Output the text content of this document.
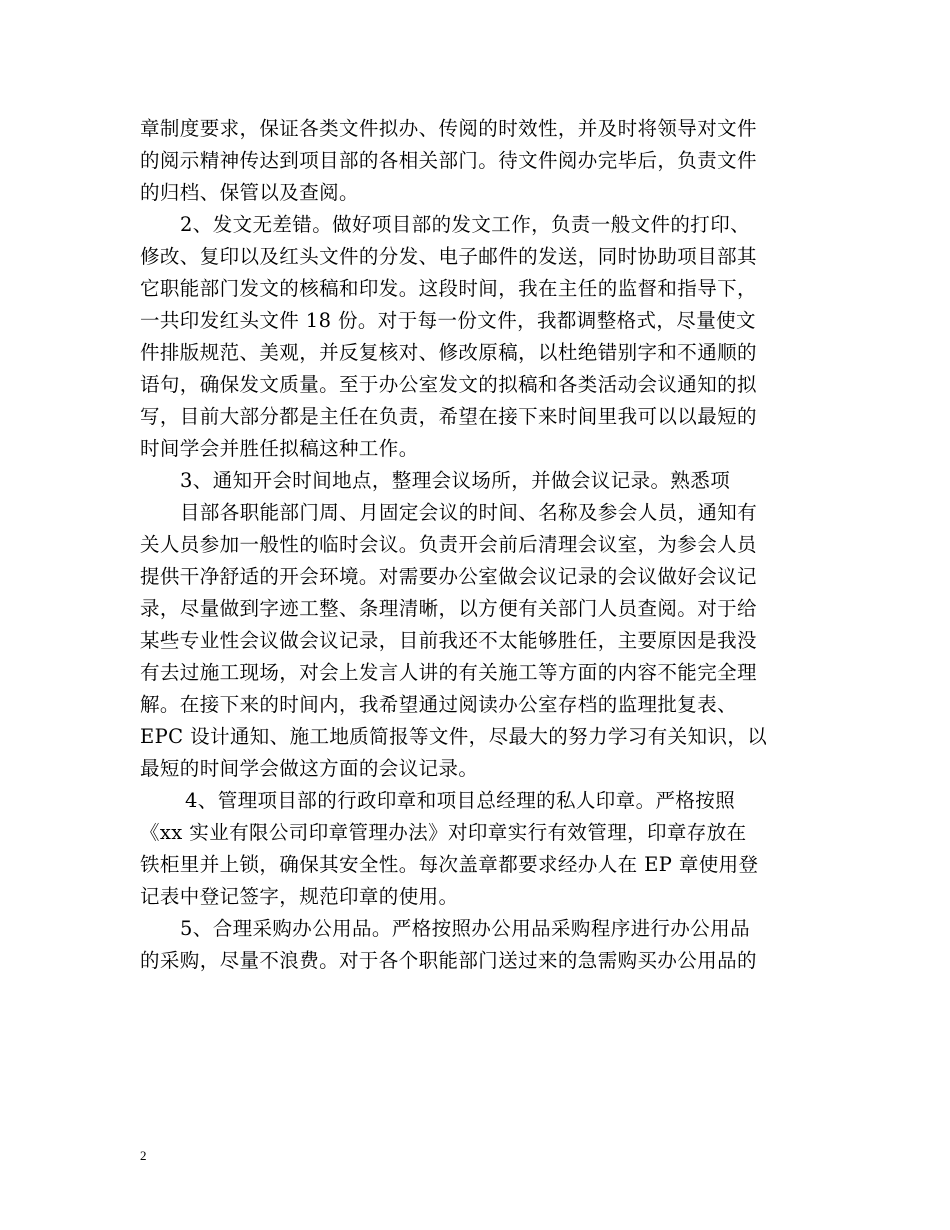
章制度要求，保证各类文件拟办、传阅的时效性，并及时将领导对文件
的阅示精神传达到项目部的各相关部门。待文件阅办完毕后，负责文件
的归档、保管以及查阅。
2、发文无差错。做好项目部的发文工作，负责一般文件的打印、
修改、复印以及红头文件的分发、电子邮件的发送，同时协助项目部其
它职能部门发文的核稿和印发。这段时间，我在主任的监督和指导下，
一共印发红头文件 18 份。对于每一份文件，我都调整格式，尽量使文
件排版规范、美观，并反复核对、修改原稿，以杜绝错别字和不通顺的
语句，确保发文质量。至于办公室发文的拟稿和各类活动会议通知的拟
写，目前大部分都是主任在负责，希望在接下来时间里我可以以最短的
时间学会并胜任拟稿这种工作。
3、通知开会时间地点，整理会议场所，并做会议记录。熟悉项
目部各职能部门周、月固定会议的时间、名称及参会人员，通知有
关人员参加一般性的临时会议。负责开会前后清理会议室，为参会人员
提供干净舒适的开会环境。对需要办公室做会议记录的会议做好会议记
录，尽量做到字迹工整、条理清晰，以方便有关部门人员查阅。对于给
某些专业性会议做会议记录，目前我还不太能够胜任，主要原因是我没
有去过施工现场，对会上发言人讲的有关施工等方面的内容不能完全理
解。在接下来的时间内，我希望通过阅读办公室存档的监理批复表、
EPC 设计通知、施工地质简报等文件，尽最大的努力学习有关知识，以
最短的时间学会做这方面的会议记录。
4、管理项目部的行政印章和项目总经理的私人印章。严格按照
《xx 实业有限公司印章管理办法》对印章实行有效管理，印章存放在
铁柜里并上锁，确保其安全性。每次盖章都要求经办人在 EP 章使用登
记表中登记签字，规范印章的使用。
5、合理采购办公用品。严格按照办公用品采购程序进行办公用品
的采购，尽量不浪费。对于各个职能部门送过来的急需购买办公用品的
2
